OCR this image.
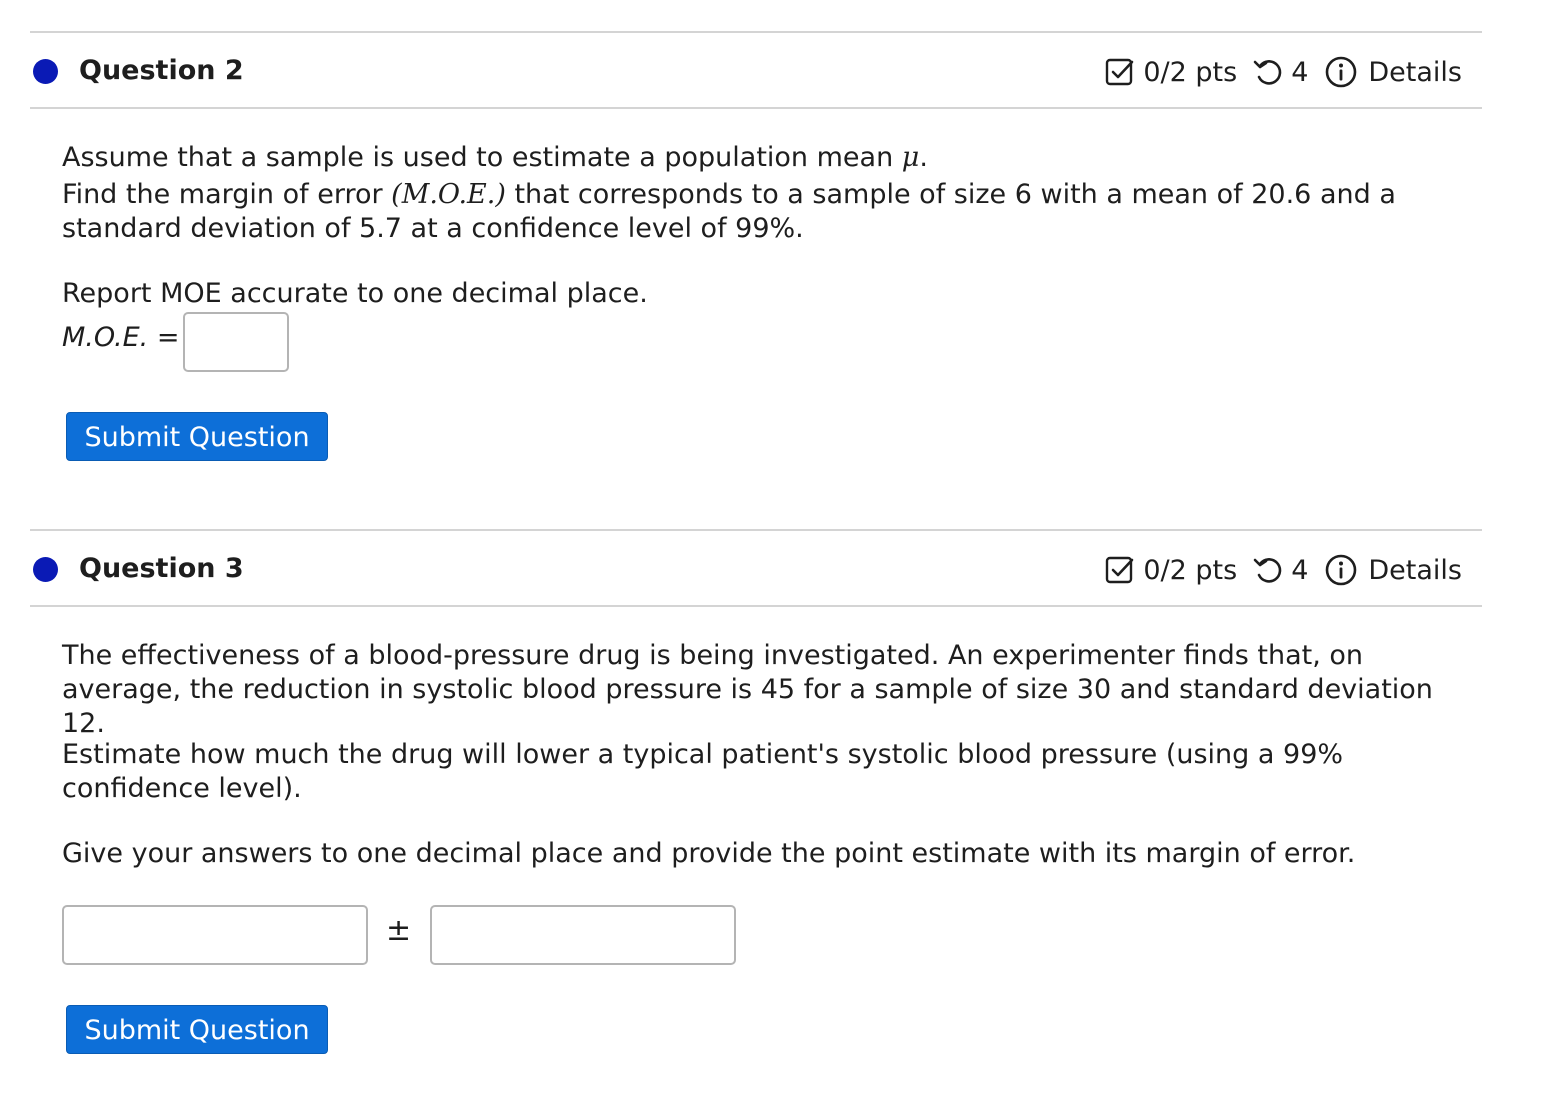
Question 2	0/2 pts 4 Details
Assume that a sample is used to estimate a population mean μ.
Find the margin of error (M.O.E.) that corresponds to a sample of size 6 with a mean of 20.6 and a standard deviation of 5.7 at a confidence level of 99%.
Report MOE accurate to one decimal place.
M.O.E. =
Submit Question
Question 3	0/2 pts 4 Details
The effectiveness of a blood-pressure drug is being investigated. An experimenter finds that, on average, the reduction in systolic blood pressure is 45 for a sample of size 30 and standard deviation 12.
Estimate how much the drug will lower a typical patient's systolic blood pressure (using a 99% confidence level).
Give your answers to one decimal place and provide the point estimate with its margin of error.
±
Submit Question
